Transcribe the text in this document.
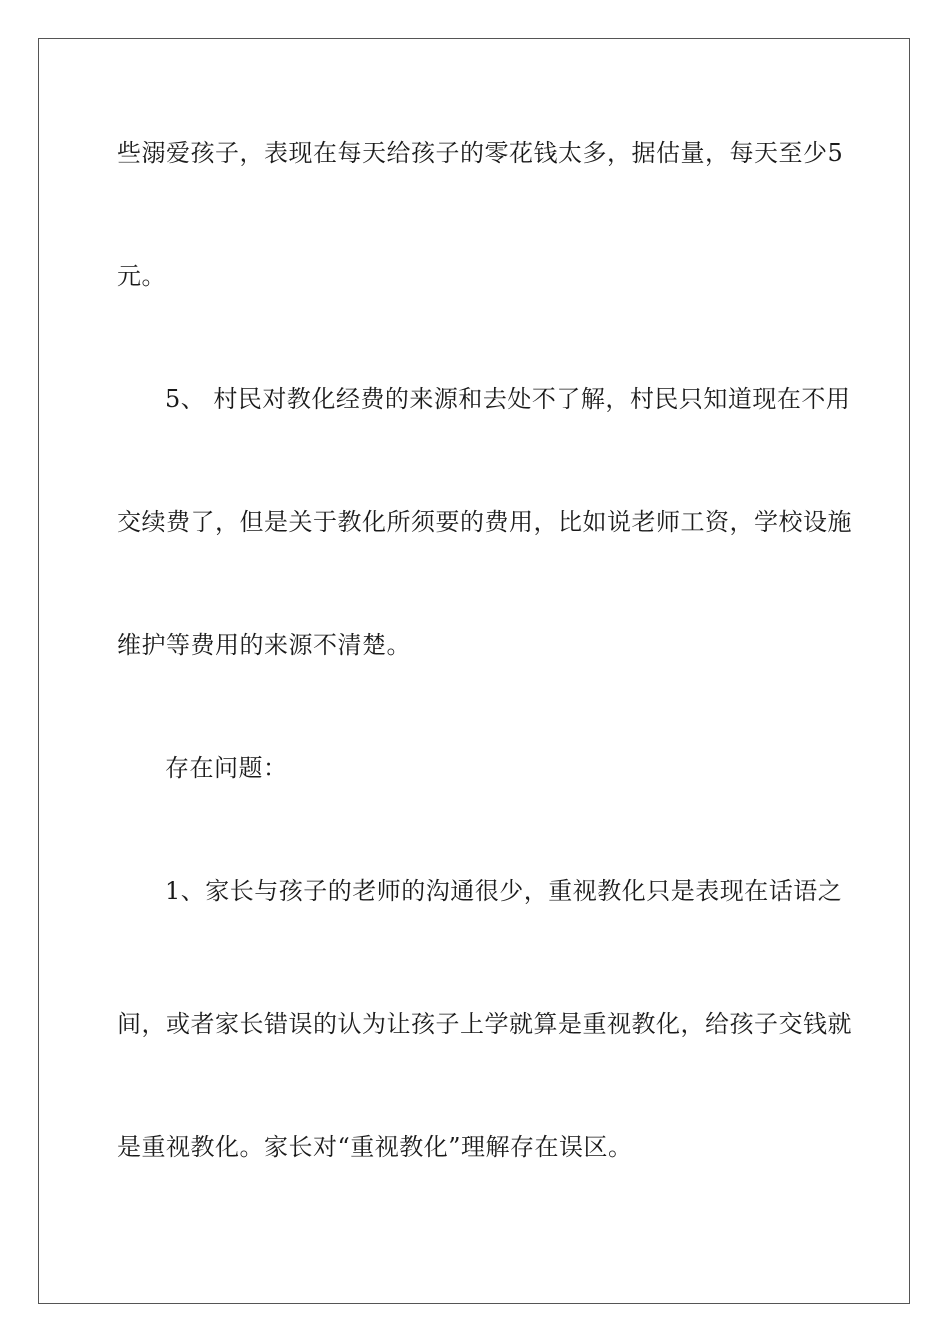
些溺爱孩子，表现在每天给孩子的零花钱太多，据估量，每天至少5
元。
5、 村民对教化经费的来源和去处不了解，村民只知道现在不用
交续费了，但是关于教化所须要的费用，比如说老师工资，学校设施
维护等费用的来源不清楚。
存在问题：
1、家长与孩子的老师的沟通很少，重视教化只是表现在话语之
间，或者家长错误的认为让孩子上学就算是重视教化，给孩子交钱就
是重视教化。家长对“重视教化”理解存在误区。
